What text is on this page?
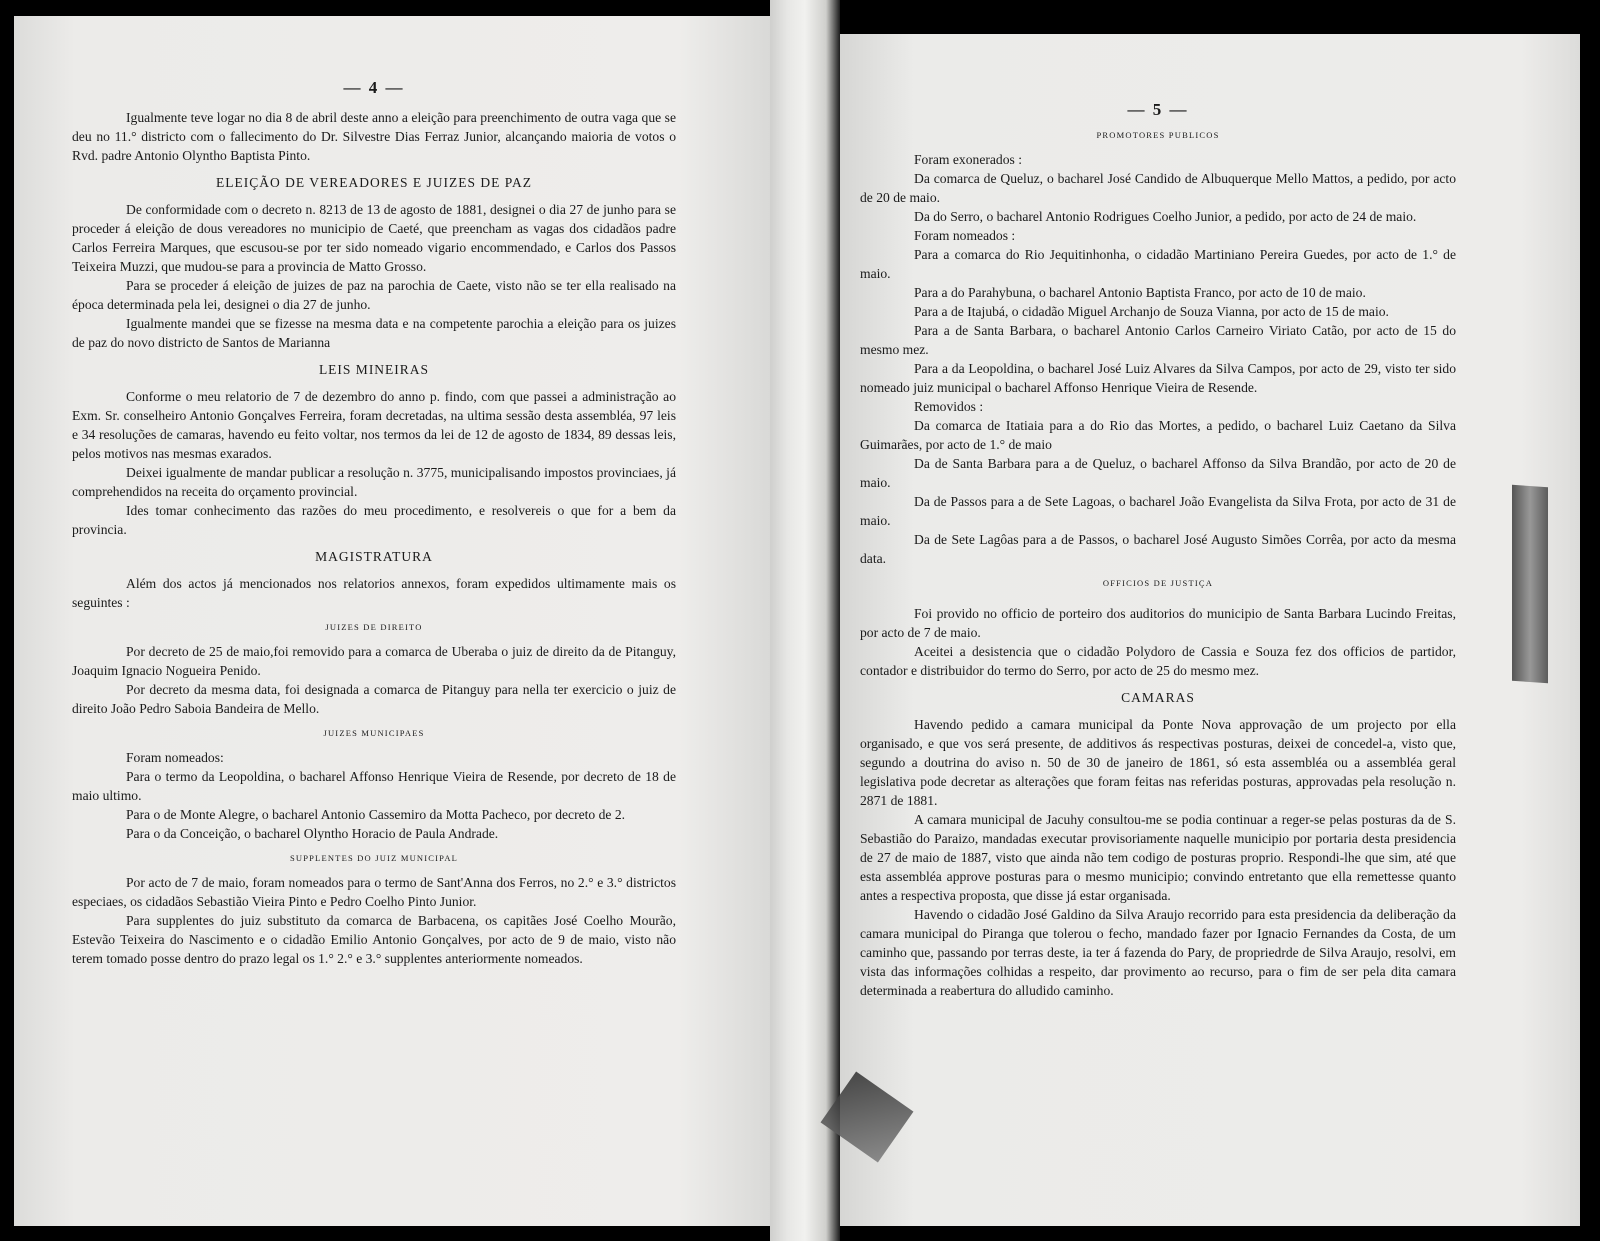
— 4 —

Igualmente teve logar no dia 8 de abril deste anno a eleição para preenchimento de outra vaga que se deu no 11.° districto com o fallecimento do Dr. Silvestre Dias Ferraz Junior, alcançando maioria de votos o Rvd. padre Antonio Olyntho Baptista Pinto.

ELEIÇÃO DE VEREADORES E JUIZES DE PAZ

De conformidade com o decreto n. 8213 de 13 de agosto de 1881, designei o dia 27 de junho para se proceder á eleição de dous vereadores no municipio de Caeté, que preencham as vagas dos cidadãos padre Carlos Ferreira Marques, que escusou-se por ter sido nomeado vigario encommendado, e Carlos dos Passos Teixeira Muzzi, que mudou-se para a provincia de Matto Grosso.

Para se proceder á eleição de juizes de paz na parochia de Caete, visto não se ter ella realisado na época determinada pela lei, designei o dia 27 de junho.

Igualmente mandei que se fizesse na mesma data e na competente parochia a eleição para os juizes de paz do novo districto de Santos de Marianna

LEIS MINEIRAS

Conforme o meu relatorio de 7 de dezembro do anno p. findo, com que passei a administração ao Exm. Sr. conselheiro Antonio Gonçalves Ferreira, foram decretadas, na ultima sessão desta assembléa, 97 leis e 34 resoluções de camaras, havendo eu feito voltar, nos termos da lei de 12 de agosto de 1834, 89 dessas leis, pelos motivos nas mesmas exarados.

Deixei igualmente de mandar publicar a resolução n. 3775, municipalisando impostos provinciaes, já comprehendidos na receita do orçamento provincial.

Ides tomar conhecimento das razões do meu procedimento, e resolvereis o que for a bem da provincia.

MAGISTRATURA

Além dos actos já mencionados nos relatorios annexos, foram expedidos ultimamente mais os seguintes :

JUIZES DE DIREITO

Por decreto de 25 de maio,foi removido para a comarca de Uberaba o juiz de direito da de Pitanguy, Joaquim Ignacio Nogueira Penido.

Por decreto da mesma data, foi designada a comarca de Pitanguy para nella ter exercicio o juiz de direito João Pedro Saboia Bandeira de Mello.

JUIZES MUNICIPAES

Foram nomeados:

Para o termo da Leopoldina, o bacharel Affonso Henrique Vieira de Resende, por decreto de 18 de maio ultimo.

Para o de Monte Alegre, o bacharel Antonio Cassemiro da Motta Pacheco, por decreto de 2.

Para o da Conceição, o bacharel Olyntho Horacio de Paula Andrade.

SUPPLENTES DO JUIZ MUNICIPAL

Por acto de 7 de maio, foram nomeados para o termo de Sant'Anna dos Ferros, no 2.° e 3.° districtos especiaes, os cidadãos Sebastião Vieira Pinto e Pedro Coelho Pinto Junior.

Para supplentes do juiz substituto da comarca de Barbacena, os capitães José Coelho Mourão, Estevão Teixeira do Nascimento e o cidadão Emilio Antonio Gonçalves, por acto de 9 de maio, visto não terem tomado posse dentro do prazo legal os 1.° 2.° e 3.° supplentes anteriormente nomeados.

— 5 —
PROMOTORES PUBLICOS

Foram exonerados :

Da comarca de Queluz, o bacharel José Candido de Albuquerque Mello Mattos, a pedido, por acto de 20 de maio.

Da do Serro, o bacharel Antonio Rodrigues Coelho Junior, a pedido, por acto de 24 de maio.

Foram nomeados :

Para a comarca do Rio Jequitinhonha, o cidadão Martiniano Pereira Guedes, por acto de 1.° de maio.

Para a do Parahybuna, o bacharel Antonio Baptista Franco, por acto de 10 de maio.

Para a de Itajubá, o cidadão Miguel Archanjo de Souza Vianna, por acto de 15 de maio.

Para a de Santa Barbara, o bacharel Antonio Carlos Carneiro Viriato Catão, por acto de 15 do mesmo mez.

Para a da Leopoldina, o bacharel José Luiz Alvares da Silva Campos, por acto de 29, visto ter sido nomeado juiz municipal o bacharel Affonso Henrique Vieira de Resende.

Removidos :

Da comarca de Itatiaia para a do Rio das Mortes, a pedido, o bacharel Luiz Caetano da Silva Guimarães, por acto de 1.° de maio

Da de Santa Barbara para a de Queluz, o bacharel Affonso da Silva Brandão, por acto de 20 de maio.

Da de Passos para a de Sete Lagoas, o bacharel João Evangelista da Silva Frota, por acto de 31 de maio.

Da de Sete Lagôas para a de Passos, o bacharel José Augusto Simões Corrêa, por acto da mesma data.

OFFICIOS DE JUSTIÇA

Foi provido no officio de porteiro dos auditorios do municipio de Santa Barbara Lucindo Freitas, por acto de 7 de maio.

Aceitei a desistencia que o cidadão Polydoro de Cassia e Souza fez dos officios de partidor, contador e distribuidor do termo do Serro, por acto de 25 do mesmo mez.

CAMARAS

Havendo pedido a camara municipal da Ponte Nova approvação de um projecto por ella organisado, e que vos será presente, de additivos ás respectivas posturas, deixei de concedel-a, visto que, segundo a doutrina do aviso n. 50 de 30 de janeiro de 1861, só esta assembléa ou a assembléa geral legislativa pode decretar as alterações que foram feitas nas referidas posturas, approvadas pela resolução n. 2871 de 1881.

A camara municipal de Jacuhy consultou-me se podia continuar a reger-se pelas posturas da de S. Sebastião do Paraizo, mandadas executar provisoriamente naquelle municipio por portaria desta presidencia de 27 de maio de 1887, visto que ainda não tem codigo de posturas proprio. Respondi-lhe que sim, até que esta assembléa approve posturas para o mesmo municipio; convindo entretanto que ella remettesse quanto antes a respectiva proposta, que disse já estar organisada.

Havendo o cidadão José Galdino da Silva Araujo recorrido para esta presidencia da deliberação da camara municipal do Piranga que tolerou o fecho, mandado fazer por Ignacio Fernandes da Costa, de um caminho que, passando por terras deste, ia ter á fazenda do Pary, de propriedrde de Silva Araujo, resolvi, em vista das informações colhidas a respeito, dar provimento ao recurso, para o fim de ser pela dita camara determinada a reabertura do alludido caminho.
